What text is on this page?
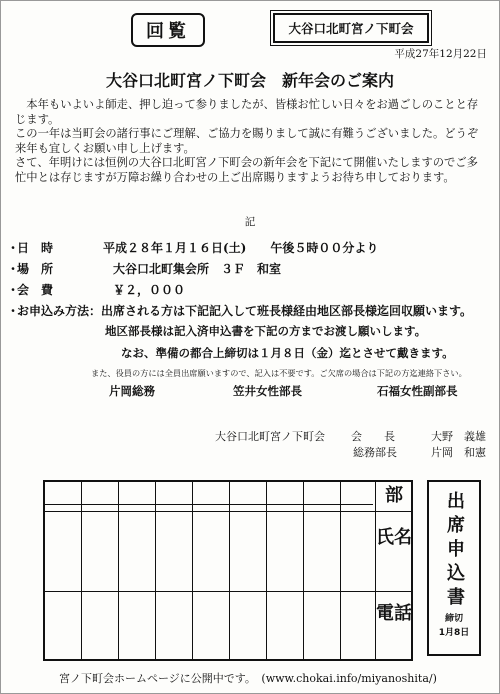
回覧	大谷口北町宮ノ下町会
平成27年12月22日
大谷口北町宮ノ下町会　新年会のご案内

　本年もいよいよ師走、押し迫って参りましたが、皆様お忙しい日々をお過ごしのことと存じます。

この一年は当町会の諸行事にご理解、ご協力を賜りまして誠に有難うございました。どうぞ来年も宜しくお願い申し上げます。

さて、年明けには恒例の大谷口北町宮ノ下町会の新年会を下記にて開催いたしますのでご多忙中とは存じますが万障お繰り合わせの上ご出席賜りますようお待ち申しております。

記
・
日　時	平成２８年１月１６日(土)　　午後５時００分より
・
場　所	大谷口北町集会所　３Ｆ　和室
・
会　費	￥２，０００
・
お申込み方法： 出席される方は下記記入して班長様経由地区部長様迄回収願います。
地区部長様は記入済申込書を下記の方までお渡し願いします。
なお、準備の都合上締切は１月８日（金）迄とさせて戴きます。
また、役員の方には全員出席願いますので、記入は不要です。ご欠席の場合は下記の方迄連絡下さい。
片岡総務	笠井女性部長	石福女性副部長
大谷口北町宮ノ下町会 会　　長	大野　義雄
総務部長	片岡　和憲
部
氏名
電話
出席申込書
締切
1月8日
宮ノ下町会ホームページに公開中です。　(www.chokai.info/miyanoshita/)
